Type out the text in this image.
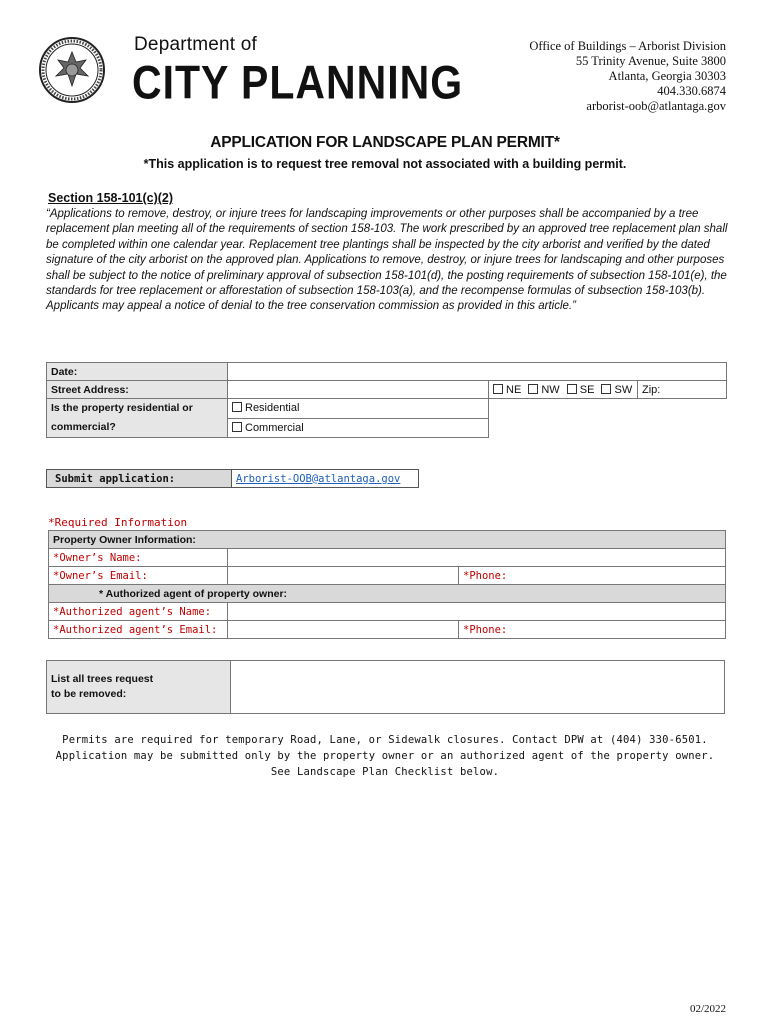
Department of
CITY PLANNING
Office of Buildings – Arborist Division
55 Trinity Avenue, Suite 3800
Atlanta, Georgia 30303
404.330.6874
arborist-oob@atlantaga.gov
APPLICATION FOR LANDSCAPE PLAN PERMIT*
*This application is to request tree removal not associated with a building permit.
Section 158-101(c)(2)
“Applications to remove, destroy, or injure trees for landscaping improvements or other purposes shall be accompanied by a tree replacement plan meeting all of the requirements of section 158-103. The work prescribed by an approved tree replacement plan shall be completed within one calendar year. Replacement tree plantings shall be inspected by the city arborist and verified by the dated signature of the city arborist on the approved plan. Applications to remove, destroy, or injure trees for landscaping and other purposes shall be subject to the notice of preliminary approval of subsection 158-101(d), the posting requirements of subsection 158-101(e), the standards for tree replacement or afforestation of subsection 158-103(a), and the recompense formulas of subsection 158-103(b). Applicants may appeal a notice of denial to the tree conservation commission as provided in this article.”
Date:			
Street Address:		NE NW SE SW	Zip:
Is the property residential or
commercial?	Residential		
	Commercial		
Submit application:	Arborist-OOB@atlantaga.gov
*Required Information
Property Owner Information:		
*Owner’s Name:		
*Owner’s Email:		*Phone:
* Authorized agent of property owner:		
*Authorized agent’s Name:		
*Authorized agent’s Email:		*Phone:
List all trees request
to be removed:	
Permits are required for temporary Road, Lane, or Sidewalk closures. Contact DPW at (404) 330-6501.
Application may be submitted only by the property owner or an authorized agent of the property owner.
See Landscape Plan Checklist below.
02/2022
